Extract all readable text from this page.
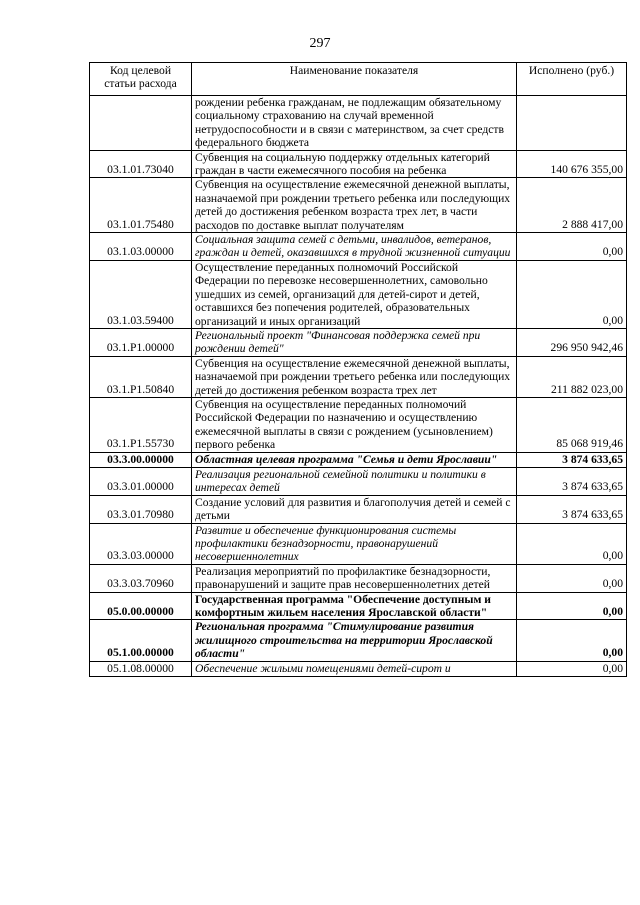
297
Код целевой статьи расхода	Наименование показателя	Исполнено (руб.)
	рождении ребенка гражданам, не подлежащим обязательному социальному страхованию на случай временной нетрудоспособности и в связи с материнством, за счет средств федерального бюджета	
03.1.01.73040	Субвенция на социальную поддержку отдельных категорий граждан в части ежемесячного пособия на ребенка	140 676 355,00
03.1.01.75480	Субвенция на осуществление ежемесячной денежной выплаты, назначаемой при рождении третьего ребенка или последующих детей до достижения ребенком возраста трех лет, в части расходов по доставке выплат получателям	2 888 417,00
03.1.03.00000	Социальная защита семей с детьми, инвалидов, ветеранов, граждан и детей, оказавшихся в трудной жизненной ситуации	0,00
03.1.03.59400	Осуществление переданных полномочий Российской Федерации по перевозке несовершеннолетних, самовольно ушедших из семей, организаций для детей-сирот и детей, оставшихся без попечения родителей, образовательных организаций и иных организаций	0,00
03.1.P1.00000	Региональный проект "Финансовая поддержка семей при рождении детей"	296 950 942,46
03.1.P1.50840	Субвенция на осуществление ежемесячной денежной выплаты, назначаемой при рождении третьего ребенка или последующих детей до достижения ребенком возраста трех лет	211 882 023,00
03.1.P1.55730	Субвенция на осуществление переданных полномочий Российской Федерации по назначению и осуществлению ежемесячной выплаты в связи с рождением (усыновлением) первого ребенка	85 068 919,46
03.3.00.00000	Областная целевая программа "Семья и дети Ярославии"	3 874 633,65
03.3.01.00000	Реализация региональной семейной политики и политики в интересах детей	3 874 633,65
03.3.01.70980	Создание условий для развития и благополучия детей и семей с детьми	3 874 633,65
03.3.03.00000	Развитие и обеспечение функционирования системы профилактики безнадзорности, правонарушений несовершеннолетних	0,00
03.3.03.70960	Реализация мероприятий по профилактике безнадзорности, правонарушений и защите прав несовершеннолетних детей	0,00
05.0.00.00000	Государственная программа "Обеспечение доступным и комфортным жильем населения Ярославской области"	0,00
05.1.00.00000	Региональная программа "Стимулирование развития жилищного строительства на территории Ярославской области"	0,00
05.1.08.00000	Обеспечение жилыми помещениями детей-сирот и	0,00
